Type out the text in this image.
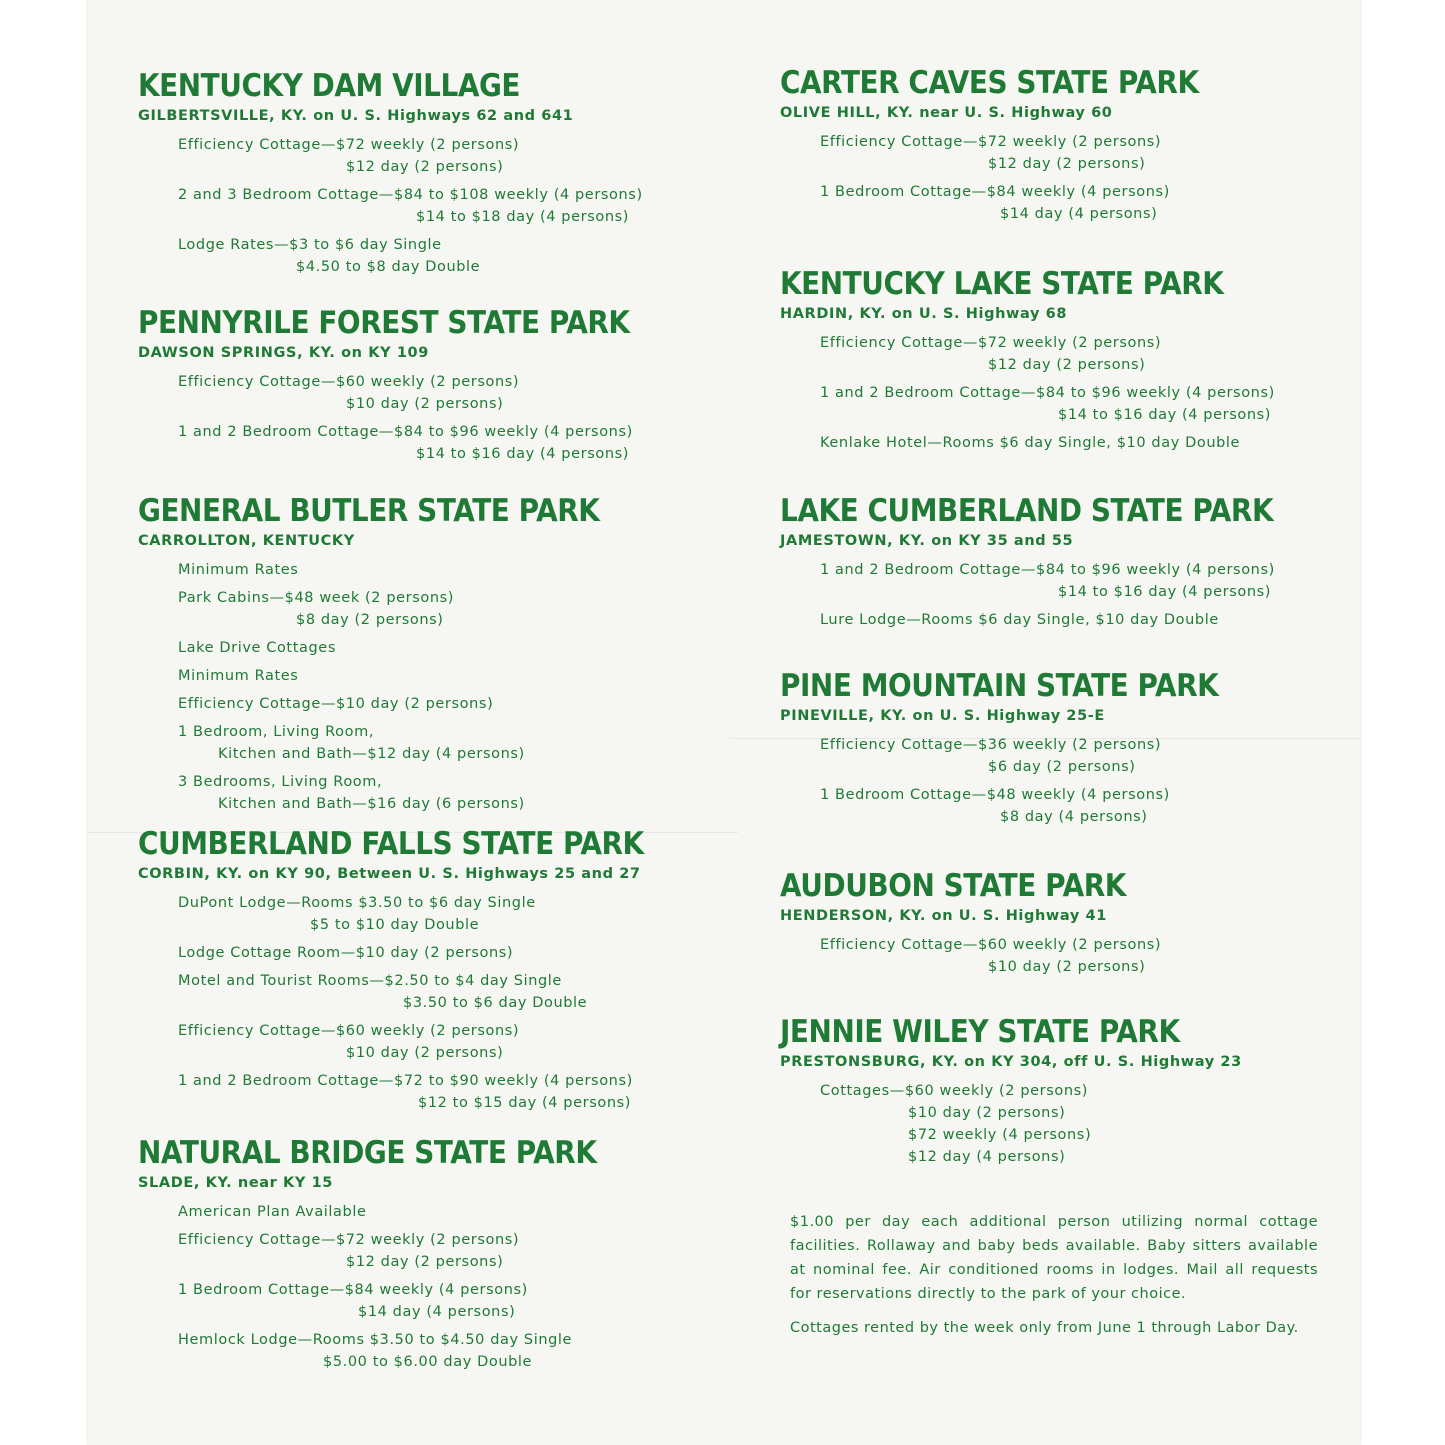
KENTUCKY DAM VILLAGE
GILBERTSVILLE, KY. on U. S. Highways 62 and 641
Efficiency Cottage—$72 weekly (2 persons)
$12 day (2 persons)
2 and 3 Bedroom Cottage—$84 to $108 weekly (4 persons)
$14 to $18 day (4 persons)
Lodge Rates—$3 to $6 day Single
$4.50 to $8 day Double
PENNYRILE FOREST STATE PARK
DAWSON SPRINGS, KY. on KY 109
Efficiency Cottage—$60 weekly (2 persons)
$10 day (2 persons)
1 and 2 Bedroom Cottage—$84 to $96 weekly (4 persons)
$14 to $16 day (4 persons)
GENERAL BUTLER STATE PARK
CARROLLTON, KENTUCKY
Minimum Rates
Park Cabins—$48 week (2 persons)
$8 day (2 persons)
Lake Drive Cottages
Minimum Rates
Efficiency Cottage—$10 day (2 persons)
1 Bedroom, Living Room,
Kitchen and Bath—$12 day (4 persons)
3 Bedrooms, Living Room,
Kitchen and Bath—$16 day (6 persons)
CUMBERLAND FALLS STATE PARK
CORBIN, KY. on KY 90, Between U. S. Highways 25 and 27
DuPont Lodge—Rooms $3.50 to $6 day Single
$5 to $10 day Double
Lodge Cottage Room—$10 day (2 persons)
Motel and Tourist Rooms—$2.50 to $4 day Single
$3.50 to $6 day Double
Efficiency Cottage—$60 weekly (2 persons)
$10 day (2 persons)
1 and 2 Bedroom Cottage—$72 to $90 weekly (4 persons)
$12 to $15 day (4 persons)
NATURAL BRIDGE STATE PARK
SLADE, KY. near KY 15
American Plan Available
Efficiency Cottage—$72 weekly (2 persons)
$12 day (2 persons)
1 Bedroom Cottage—$84 weekly (4 persons)
$14 day (4 persons)
Hemlock Lodge—Rooms $3.50 to $4.50 day Single
$5.00 to $6.00 day Double

$1.00 per day each additional person utilizing normal cottage facilities. Rollaway and baby beds available. Baby sitters available at nominal fee. Air conditioned rooms in lodges. Mail all requests for reservations directly to the park of your choice.

Cottages rented by the week only from June 1 through Labor Day.

CARTER CAVES STATE PARK
OLIVE HILL, KY. near U. S. Highway 60
Efficiency Cottage—$72 weekly (2 persons)
$12 day (2 persons)
1 Bedroom Cottage—$84 weekly (4 persons)
$14 day (4 persons)
KENTUCKY LAKE STATE PARK
HARDIN, KY. on U. S. Highway 68
Efficiency Cottage—$72 weekly (2 persons)
$12 day (2 persons)
1 and 2 Bedroom Cottage—$84 to $96 weekly (4 persons)
$14 to $16 day (4 persons)
Kenlake Hotel—Rooms $6 day Single, $10 day Double
LAKE CUMBERLAND STATE PARK
JAMESTOWN, KY. on KY 35 and 55
1 and 2 Bedroom Cottage—$84 to $96 weekly (4 persons)
$14 to $16 day (4 persons)
Lure Lodge—Rooms $6 day Single, $10 day Double
PINE MOUNTAIN STATE PARK
PINEVILLE, KY. on U. S. Highway 25-E
Efficiency Cottage—$36 weekly (2 persons)
$6 day (2 persons)
1 Bedroom Cottage—$48 weekly (4 persons)
$8 day (4 persons)
AUDUBON STATE PARK
HENDERSON, KY. on U. S. Highway 41
Efficiency Cottage—$60 weekly (2 persons)
$10 day (2 persons)
JENNIE WILEY STATE PARK
PRESTONSBURG, KY. on KY 304, off U. S. Highway 23
Cottages—$60 weekly (2 persons)
$10 day (2 persons)
$72 weekly (4 persons)
$12 day (4 persons)
